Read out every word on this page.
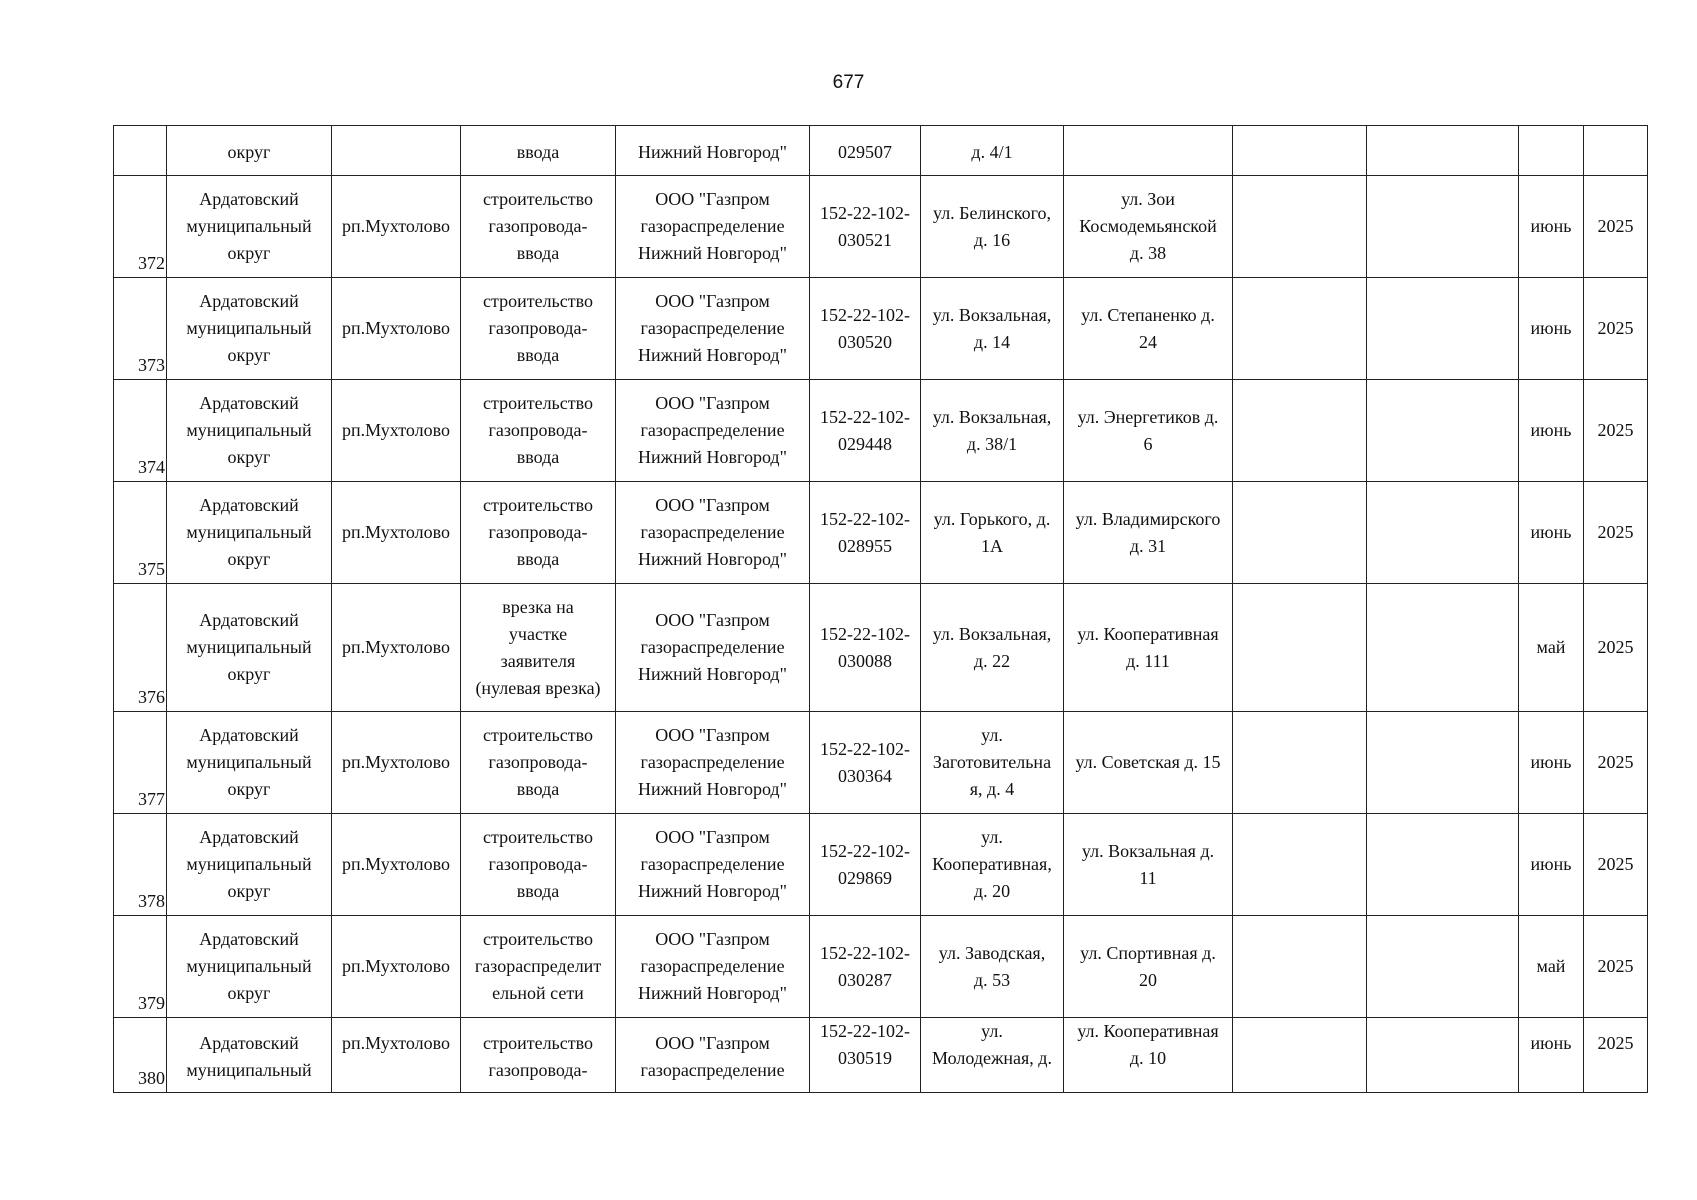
677

	округ		ввода	Нижний Новгород"	029507	д. 4/1					

372	Ардатовский
муниципальный
округ	рп.Мухтолово	строительство
газопровода-
ввода	ООО "Газпром
газораспределение
Нижний Новгород"	152-22-102-
030521	ул. Белинского,
д. 16	ул. Зои
Космодемьянской
д. 38			июнь	2025

373	Ардатовский
муниципальный
округ	рп.Мухтолово	строительство
газопровода-
ввода	ООО "Газпром
газораспределение
Нижний Новгород"	152-22-102-
030520	ул. Вокзальная,
д. 14	ул. Степаненко д.
24			июнь	2025

374	Ардатовский
муниципальный
округ	рп.Мухтолово	строительство
газопровода-
ввода	ООО "Газпром
газораспределение
Нижний Новгород"	152-22-102-
029448	ул. Вокзальная,
д. 38/1	ул. Энергетиков д.
6			июнь	2025

375	Ардатовский
муниципальный
округ	рп.Мухтолово	строительство
газопровода-
ввода	ООО "Газпром
газораспределение
Нижний Новгород"	152-22-102-
028955	ул. Горького, д.
1А	ул. Владимирского
д. 31			июнь	2025

376	Ардатовский
муниципальный
округ	рп.Мухтолово	врезка на
участке
заявителя
(нулевая врезка)	ООО "Газпром
газораспределение
Нижний Новгород"	152-22-102-
030088	ул. Вокзальная,
д. 22	ул. Кооперативная
д. 111			май	2025

377	Ардатовский
муниципальный
округ	рп.Мухтолово	строительство
газопровода-
ввода	ООО "Газпром
газораспределение
Нижний Новгород"	152-22-102-
030364	ул.
Заготовительна
я, д. 4	ул. Советская д. 15			июнь	2025

378	Ардатовский
муниципальный
округ	рп.Мухтолово	строительство
газопровода-
ввода	ООО "Газпром
газораспределение
Нижний Новгород"	152-22-102-
029869	ул.
Кооперативная,
д. 20	ул. Вокзальная д.
11			июнь	2025

379	Ардатовский
муниципальный
округ	рп.Мухтолово	строительство
газораспределит
ельной сети	ООО "Газпром
газораспределение
Нижний Новгород"	152-22-102-
030287	ул. Заводская,
д. 53	ул. Спортивная д.
20			май	2025

380	Ардатовский
муниципальный	рп.Мухтолово	строительство
газопровода-	ООО "Газпром
газораспределение	152-22-102-
030519	ул.
Молодежная, д.	ул. Кооперативная
д. 10			июнь	2025
